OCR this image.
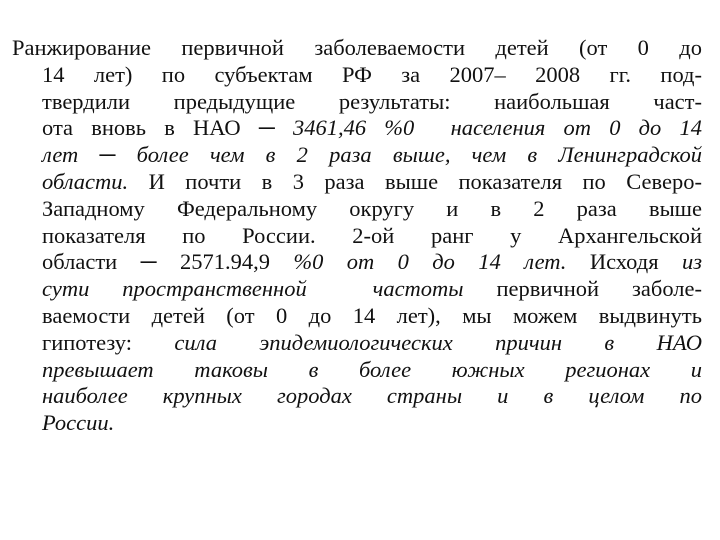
Ранжирование первичной заболеваемости детей (от 0 до
14 лет) по субъектам РФ за 2007– 2008 гг. под-
твердили предыдущие результаты: наибольшая част-
ота вновь в НАО ─ 3461,46 %0  населения от 0 до 14
лет ─ более чем в 2 раза выше, чем в Ленинградской
области. И почти в 3 раза выше показателя по Северо-
Западному Федеральному округу и в 2 раза выше
показателя по России. 2-ой ранг у Архангельской
области ─ 2571.94,9 %0 от 0 до 14 лет. Исходя из
сути пространственной  частоты первичной заболе-
ваемости детей (от 0 до 14 лет), мы можем выдвинуть
гипотезу: сила эпидемиологических причин в НАО
превышает таковы в более южных регионах и
наиболее крупных городах страны и в целом по
России.
